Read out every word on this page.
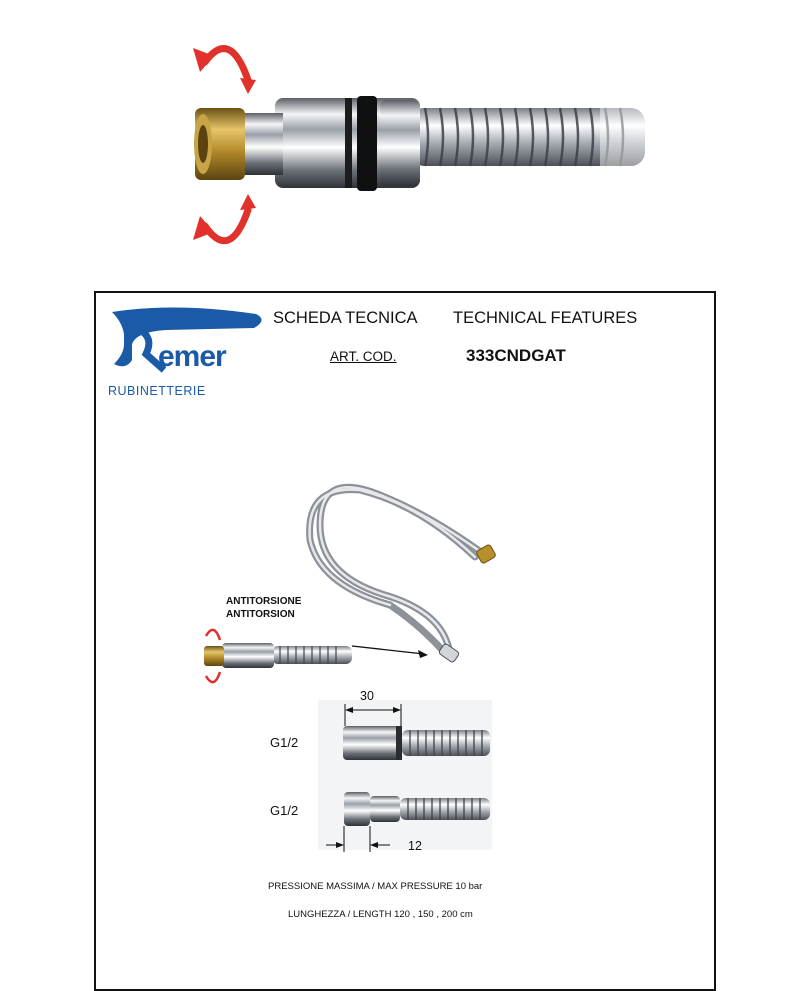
emer
RUBINETTERIE
SCHEDA TECNICA TECHNICAL FEATURES
ART. COD.	333CNDGAT
ANTITORSIONE
ANTITORSION
30
12
G1/2
G1/2
PRESSIONE MASSIMA / MAX PRESSURE 10 bar
LUNGHEZZA / LENGTH 120 , 150 , 200 cm
